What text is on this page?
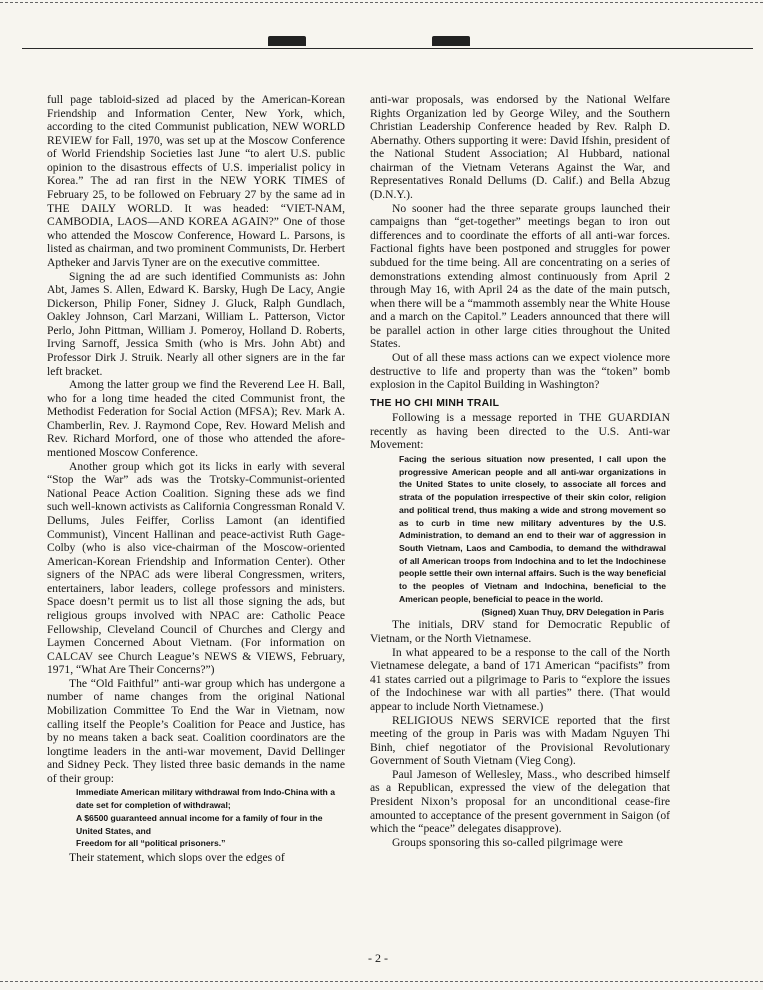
full page tabloid-sized ad placed by the American-Korean Friendship and Information Center, New York, which, according to the cited Communist publication, NEW WORLD REVIEW for Fall, 1970, was set up at the Moscow Conference of World Friendship Societies last June “to alert U.S. public opinion to the disastrous effects of U.S. imperialist policy in Korea.” The ad ran first in the NEW YORK TIMES of February 25, to be followed on February 27 by the same ad in THE DAILY WORLD. It was headed: “VIET-NAM, CAMBODIA, LAOS—AND KOREA AGAIN?” One of those who attended the Moscow Conference, Howard L. Parsons, is listed as chairman, and two prominent Communists, Dr. Herbert Aptheker and Jarvis Tyner are on the executive committee.

Signing the ad are such identified Communists as: John Abt, James S. Allen, Edward K. Barsky, Hugh De Lacy, Angie Dickerson, Philip Foner, Sidney J. Gluck, Ralph Gundlach, Oakley Johnson, Carl Marzani, William L. Patterson, Victor Perlo, John Pittman, William J. Pomeroy, Holland D. Roberts, Irving Sarnoff, Jessica Smith (who is Mrs. John Abt) and Professor Dirk J. Struik. Nearly all other signers are in the far left bracket.

Among the latter group we find the Reverend Lee H. Ball, who for a long time headed the cited Communist front, the Methodist Federation for Social Action (MFSA); Rev. Mark A. Chamberlin, Rev. J. Raymond Cope, Rev. Howard Melish and Rev. Richard Morford, one of those who attended the afore-mentioned Moscow Conference.

Another group which got its licks in early with several “Stop the War” ads was the Trotsky-Communist-oriented National Peace Action Coalition. Signing these ads we find such well-known activists as California Congressman Ronald V. Dellums, Jules Feiffer, Corliss Lamont (an identified Communist), Vincent Hallinan and peace-activist Ruth Gage-Colby (who is also vice-chairman of the Moscow-oriented American-Korean Friendship and Information Center). Other signers of the NPAC ads were liberal Congressmen, writers, entertainers, labor leaders, college professors and ministers. Space doesn’t permit us to list all those signing the ads, but religious groups involved with NPAC are: Catholic Peace Fellowship, Cleveland Council of Churches and Clergy and Laymen Concerned About Vietnam. (For information on CALCAV see Church League’s NEWS & VIEWS, February, 1971, “What Are Their Concerns?”)

The “Old Faithful” anti-war group which has undergone a number of name changes from the original National Mobilization Committee To End the War in Vietnam, now calling itself the People’s Coalition for Peace and Justice, has by no means taken a back seat. Coalition coordinators are the longtime leaders in the anti-war movement, David Dellinger and Sidney Peck. They listed three basic demands in the name of their group:

Immediate American military withdrawal from Indo-China with a date set for completion of withdrawal;
A $6500 guaranteed annual income for a family of four in the United States, and
Freedom for all “political prisoners.”

Their statement, which slops over the edges of

anti-war proposals, was endorsed by the National Welfare Rights Organization led by George Wiley, and the Southern Christian Leadership Conference headed by Rev. Ralph D. Abernathy. Others supporting it were: David Ifshin, president of the National Student Association; Al Hubbard, national chairman of the Vietnam Veterans Against the War, and Representatives Ronald Dellums (D. Calif.) and Bella Abzug (D.N.Y.).

No sooner had the three separate groups launched their campaigns than “get-together” meetings began to iron out differences and to coordinate the efforts of all anti-war forces. Factional fights have been postponed and struggles for power subdued for the time being. All are concentrating on a series of demonstrations extending almost continuously from April 2 through May 16, with April 24 as the date of the main putsch, when there will be a “mammoth assembly near the White House and a march on the Capitol.” Leaders announced that there will be parallel action in other large cities throughout the United States.

Out of all these mass actions can we expect violence more destructive to life and property than was the “token” bomb explosion in the Capitol Building in Washington?

THE HO CHI MINH TRAIL

Following is a message reported in THE GUARDIAN recently as having been directed to the U.S. Anti-war Movement:

Facing the serious situation now presented, I call upon the progressive American people and all anti-war organizations in the United States to unite closely, to associate all forces and strata of the population irrespective of their skin color, religion and political trend, thus making a wide and strong movement so as to curb in time new military adventures by the U.S. Administration, to demand an end to their war of aggression in South Vietnam, Laos and Cambodia, to demand the withdrawal of all American troops from Indochina and to let the Indochinese people settle their own internal affairs. Such is the way beneficial to the peoples of Vietnam and Indochina, beneficial to the American people, beneficial to peace in the world.
(Signed) Xuan Thuy, DRV Delegation in Paris

The initials, DRV stand for Democratic Republic of Vietnam, or the North Vietnamese.

In what appeared to be a response to the call of the North Vietnamese delegate, a band of 171 American “pacifists” from 41 states carried out a pilgrimage to Paris to “explore the issues of the Indochinese war with all parties” there. (That would appear to include North Vietnamese.)

RELIGIOUS NEWS SERVICE reported that the first meeting of the group in Paris was with Madam Nguyen Thi Binh, chief negotiator of the Provisional Revolutionary Government of South Vietnam (Vieg Cong).

Paul Jameson of Wellesley, Mass., who described himself as a Republican, expressed the view of the delegation that President Nixon’s proposal for an unconditional cease-fire amounted to acceptance of the present government in Saigon (of which the “peace” delegates disapprove).

Groups sponsoring this so-called pilgrimage were

- 2 -
